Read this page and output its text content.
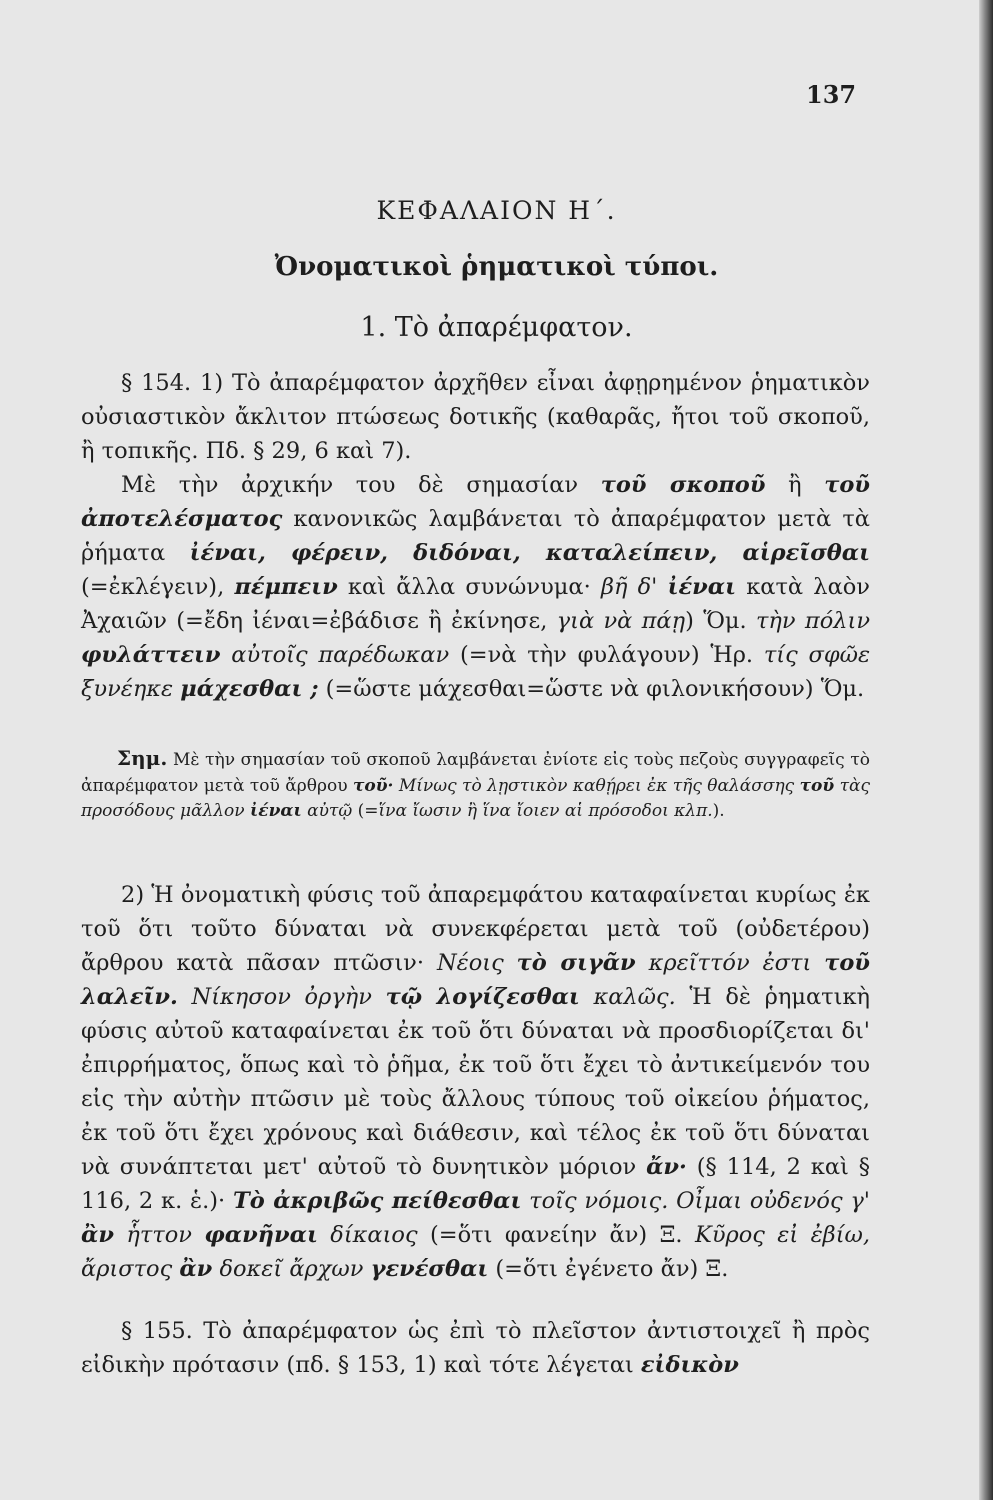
137
ΚΕΦΑΛΑΙΟΝ Η΄.
Ὀνοματικοὶ ῥηματικοὶ τύποι.
1. Τὸ ἀπαρέμφατον.

§ 154. 1) Τὸ ἀπαρέμφατον ἀρχῆθεν εἶναι ἀφῃρημένον ῥηματικὸν οὐσιαστικὸν ἄκλιτον πτώσεως δοτικῆς (καθαρᾶς, ἤτοι τοῦ σκοποῦ, ἢ τοπικῆς. Πδ. § 29, 6 καὶ 7).

Μὲ τὴν ἀρχικήν του δὲ σημασίαν τοῦ σκοποῦ ἢ τοῦ ἀποτελέσματος κανονικῶς λαμβάνεται τὸ ἀπαρέμφατον μετὰ τὰ ῥήματα ἰέναι, φέρειν, διδόναι, καταλείπειν, αἱρεῖσθαι (=ἐκλέγειν), πέμπειν καὶ ἄλλα συνώνυμα· βῆ δ' ἰέναι κατὰ λαὸν Ἀχαιῶν (=ἔδη ἰέναι=ἐβάδισε ἢ ἐκίνησε, γιὰ νὰ πάῃ) Ὅμ. τὴν πόλιν φυλάττειν αὐτοῖς παρέδωκαν (=νὰ τὴν φυλάγουν) Ἡρ. τίς σφῶε ξυνέηκε μάχεσθαι ; (=ὥστε μάχεσθαι=ὥστε νὰ φιλονικήσουν) Ὅμ.

Σημ. Μὲ τὴν σημασίαν τοῦ σκοποῦ λαμβάνεται ἐνίοτε εἰς τοὺς πεζοὺς συγγραφεῖς τὸ ἀπαρέμφατον μετὰ τοῦ ἄρθρου τοῦ· Μίνως τὸ λῃστικὸν καθῄρει ἐκ τῆς θαλάσσης τοῦ τὰς προσόδους μᾶλλον ἰέναι αὐτῷ (=ἵνα ἴωσιν ἢ ἵνα ἴοιεν αἱ πρόσοδοι κλπ.).

2) Ἡ ὀνοματικὴ φύσις τοῦ ἀπαρεμφάτου καταφαίνεται κυρίως ἐκ τοῦ ὅτι τοῦτο δύναται νὰ συνεκφέρεται μετὰ τοῦ (οὐδετέρου) ἄρθρου κατὰ πᾶσαν πτῶσιν· Νέοις τὸ σιγᾶν κρεῖττόν ἐστι τοῦ λαλεῖν. Νίκησον ὀργὴν τῷ λογίζεσθαι καλῶς. Ἡ δὲ ῥηματικὴ φύσις αὐτοῦ καταφαίνεται ἐκ τοῦ ὅτι δύναται νὰ προσδιορίζεται δι' ἐπιρρήματος, ὅπως καὶ τὸ ῥῆμα, ἐκ τοῦ ὅτι ἔχει τὸ ἀντικείμενόν του εἰς τὴν αὐτὴν πτῶσιν μὲ τοὺς ἄλλους τύπους τοῦ οἰκείου ῥήματος, ἐκ τοῦ ὅτι ἔχει χρόνους καὶ διάθεσιν, καὶ τέλος ἐκ τοῦ ὅτι δύναται νὰ συνάπτεται μετ' αὐτοῦ τὸ δυνητικὸν μόριον ἄν· (§ 114, 2 καὶ § 116, 2 κ. ἑ.)· Τὸ ἀκριβῶς πείθεσθαι τοῖς νόμοις. Οἶμαι οὐδενός γ' ἂν ἧττον φανῆναι δίκαιος (=ὅτι φανείην ἄν) Ξ. Κῦρος εἰ ἐβίω, ἄριστος ἂν δοκεῖ ἄρχων γενέσθαι (=ὅτι ἐγένετο ἄν) Ξ.

§ 155. Τὸ ἀπαρέμφατον ὡς ἐπὶ τὸ πλεῖστον ἀντιστοιχεῖ ἢ πρὸς εἰδικὴν πρότασιν (πδ. § 153, 1) καὶ τότε λέγεται εἰδικὸν
